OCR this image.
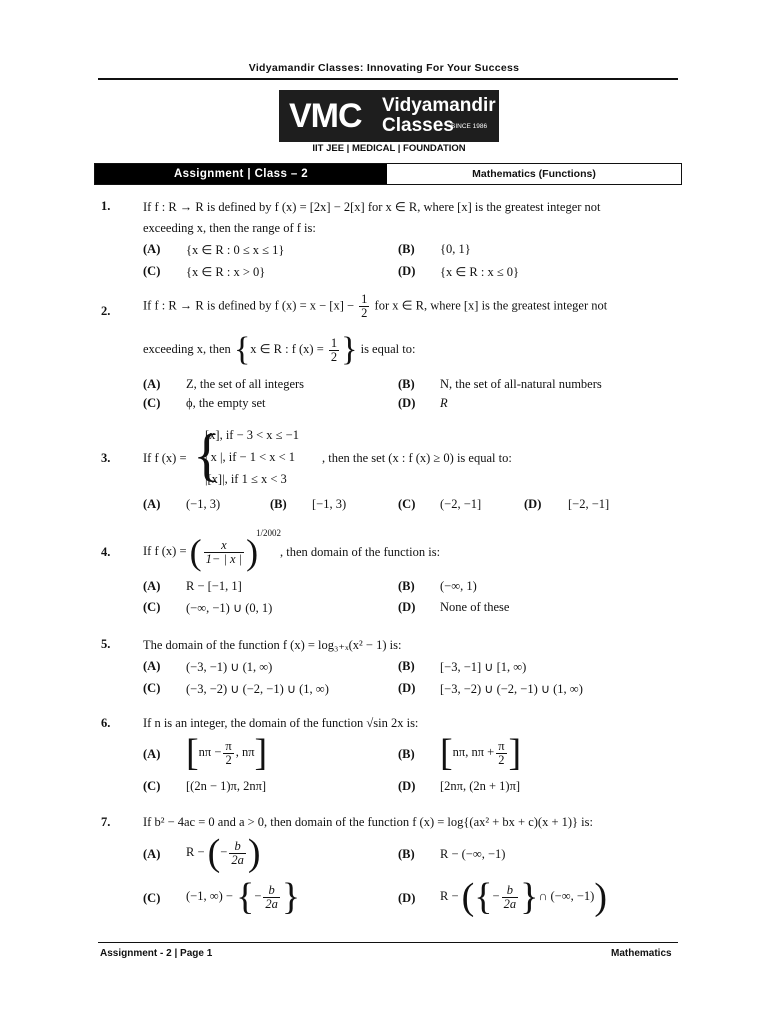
Vidyamandir Classes: Innovating For Your Success
VMC Vidyamandir
Classes
SINCE 1986
IIT JEE | MEDICAL | FOUNDATION
Assignment | Class – 2	Mathematics (Functions)
1.	If f : R → R is defined by f (x) = [2x] − 2[x] for x ∈ R, where [x] is the greatest integer not
exceeding x, then the range of f is:
(A) {x ∈ R : 0 ≤ x ≤ 1}	(B) {0, 1}
(C) {x ∈ R : x > 0}	(D) {x ∈ R : x ≤ 0}
2.	If f : R → R is defined by f $(x) = x - [x] - \frac{1}{2}$ for x ∈ R, where [x] is the greatest integer not
exceeding x, then {x ∈ R : f $(x) = \frac{1}{2}$ } is equal to:
(A) Z, the set of all integers	(B) N, the set of all-natural numbers
(C) ϕ, the empty set	(D) R
3.	If f (x) = {
[x], if − 3 < x ≤ −1
| x |, if − 1 < x < 1
|[x]|, if 1 ≤ x < 3
, then the set (x : f (x) ≥ 0) is equal to:
(A) (−1, 3)	(B) [−1, 3)	(C) (−2, −1]	(D) [−2, −1]
4.	If f (x) = ( $\frac{x}{1- | x |}$ )
1/2002
, then domain of the function is:
(A) R − [−1, 1]	(B) (−∞, 1)
(C) (−∞, −1) ∪ (0, 1)	(D) None of these
5.	The domain of the function f (x) = log₃₊ₓ(x² − 1) is:
(A) (−3, −1) ∪ (1, ∞)	(B) [−3, −1] ∪ [1, ∞)
(C) (−3, −2) ∪ (−2, −1) ∪ (1, ∞)	(D) [−3, −2) ∪ (−2, −1) ∪ (1, ∞)
6.	If n is an integer, the domain of the function √sin 2x is:
(A) [$n\pi - \frac{\pi}{2}$ , nπ]	(B) [nπ, $n\pi + \frac{\pi}{2}$ ]
(C) [(2n − 1)π, 2nπ]	(D) [2nπ, (2n + 1)π]
7.	If b² − 4ac = 0 and a > 0, then domain of the function f (x) = log{(ax² + bx + c)(x + 1)} is:
(A) R − (− $\frac{b}{2a}$ )	(B) R − (−∞, −1)
(C) (−1, ∞) − {− $\frac{b}{2a}$ }	(D) R − ({− $\frac{b}{2a}$ }∩ (−∞, −1))
Assignment - 2 | Page 1	Mathematics
